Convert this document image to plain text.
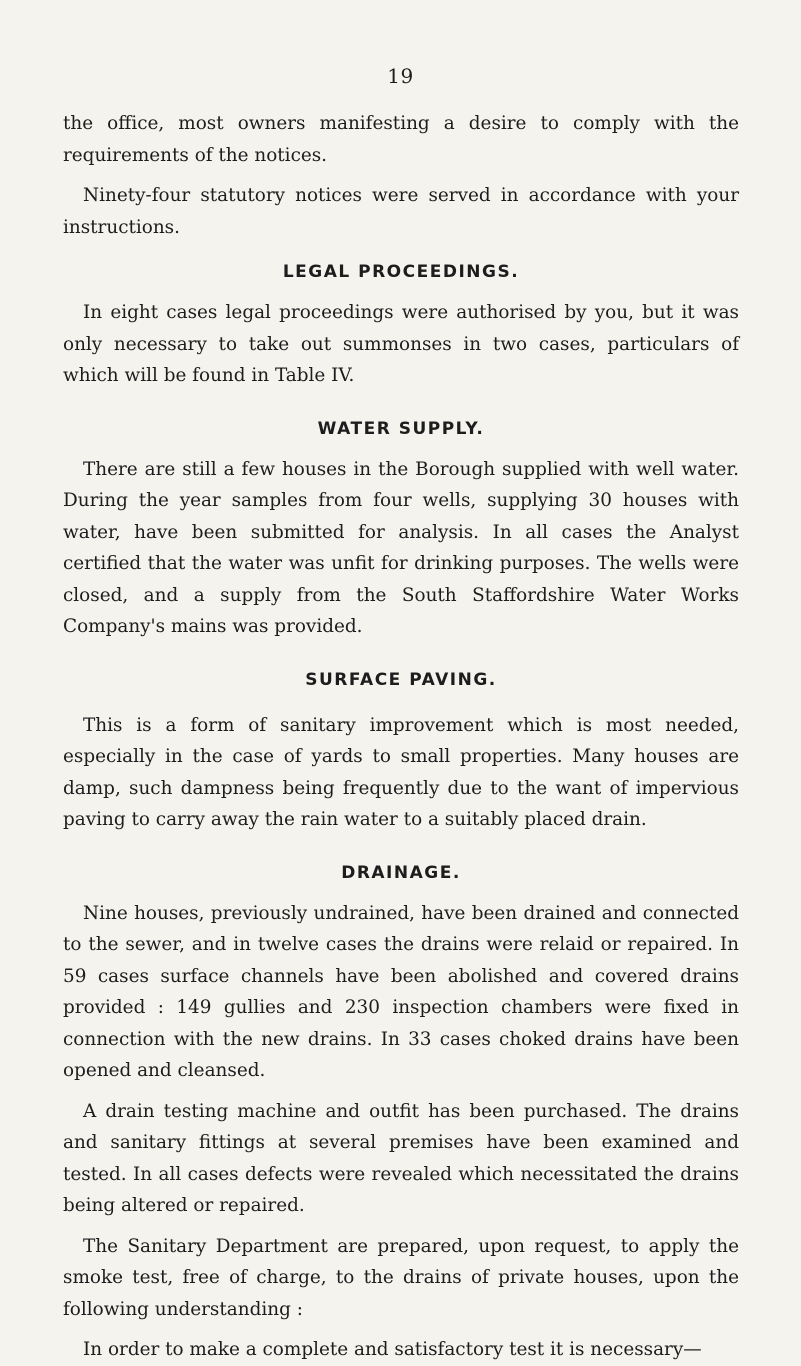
19

the office, most owners manifesting a desire to comply with the requirements of the notices.

Ninety-four statutory notices were served in accordance with your instructions.

LEGAL PROCEEDINGS.

In eight cases legal proceedings were authorised by you, but it was only necessary to take out summonses in two cases, particulars of which will be found in Table IV.

WATER SUPPLY.

There are still a few houses in the Borough supplied with well water. During the year samples from four wells, supplying 30 houses with water, have been submitted for analysis. In all cases the Analyst certified that the water was unfit for drinking purposes. The wells were closed, and a supply from the South Staffordshire Water Works Company's mains was provided.

SURFACE PAVING.

This is a form of sanitary improvement which is most needed, especially in the case of yards to small properties. Many houses are damp, such dampness being frequently due to the want of impervious paving to carry away the rain water to a suitably placed drain.

DRAINAGE.

Nine houses, previously undrained, have been drained and connected to the sewer, and in twelve cases the drains were relaid or repaired. In 59 cases surface channels have been abolished and covered drains provided : 149 gullies and 230 inspection chambers were fixed in connection with the new drains. In 33 cases choked drains have been opened and cleansed.

A drain testing machine and outfit has been purchased. The drains and sanitary fittings at several premises have been examined and tested. In all cases defects were revealed which necessitated the drains being altered or repaired.

The Sanitary Department are prepared, upon request, to apply the smoke test, free of charge, to the drains of private houses, upon the following understanding :

In order to make a complete and satisfactory test it is necessary—
